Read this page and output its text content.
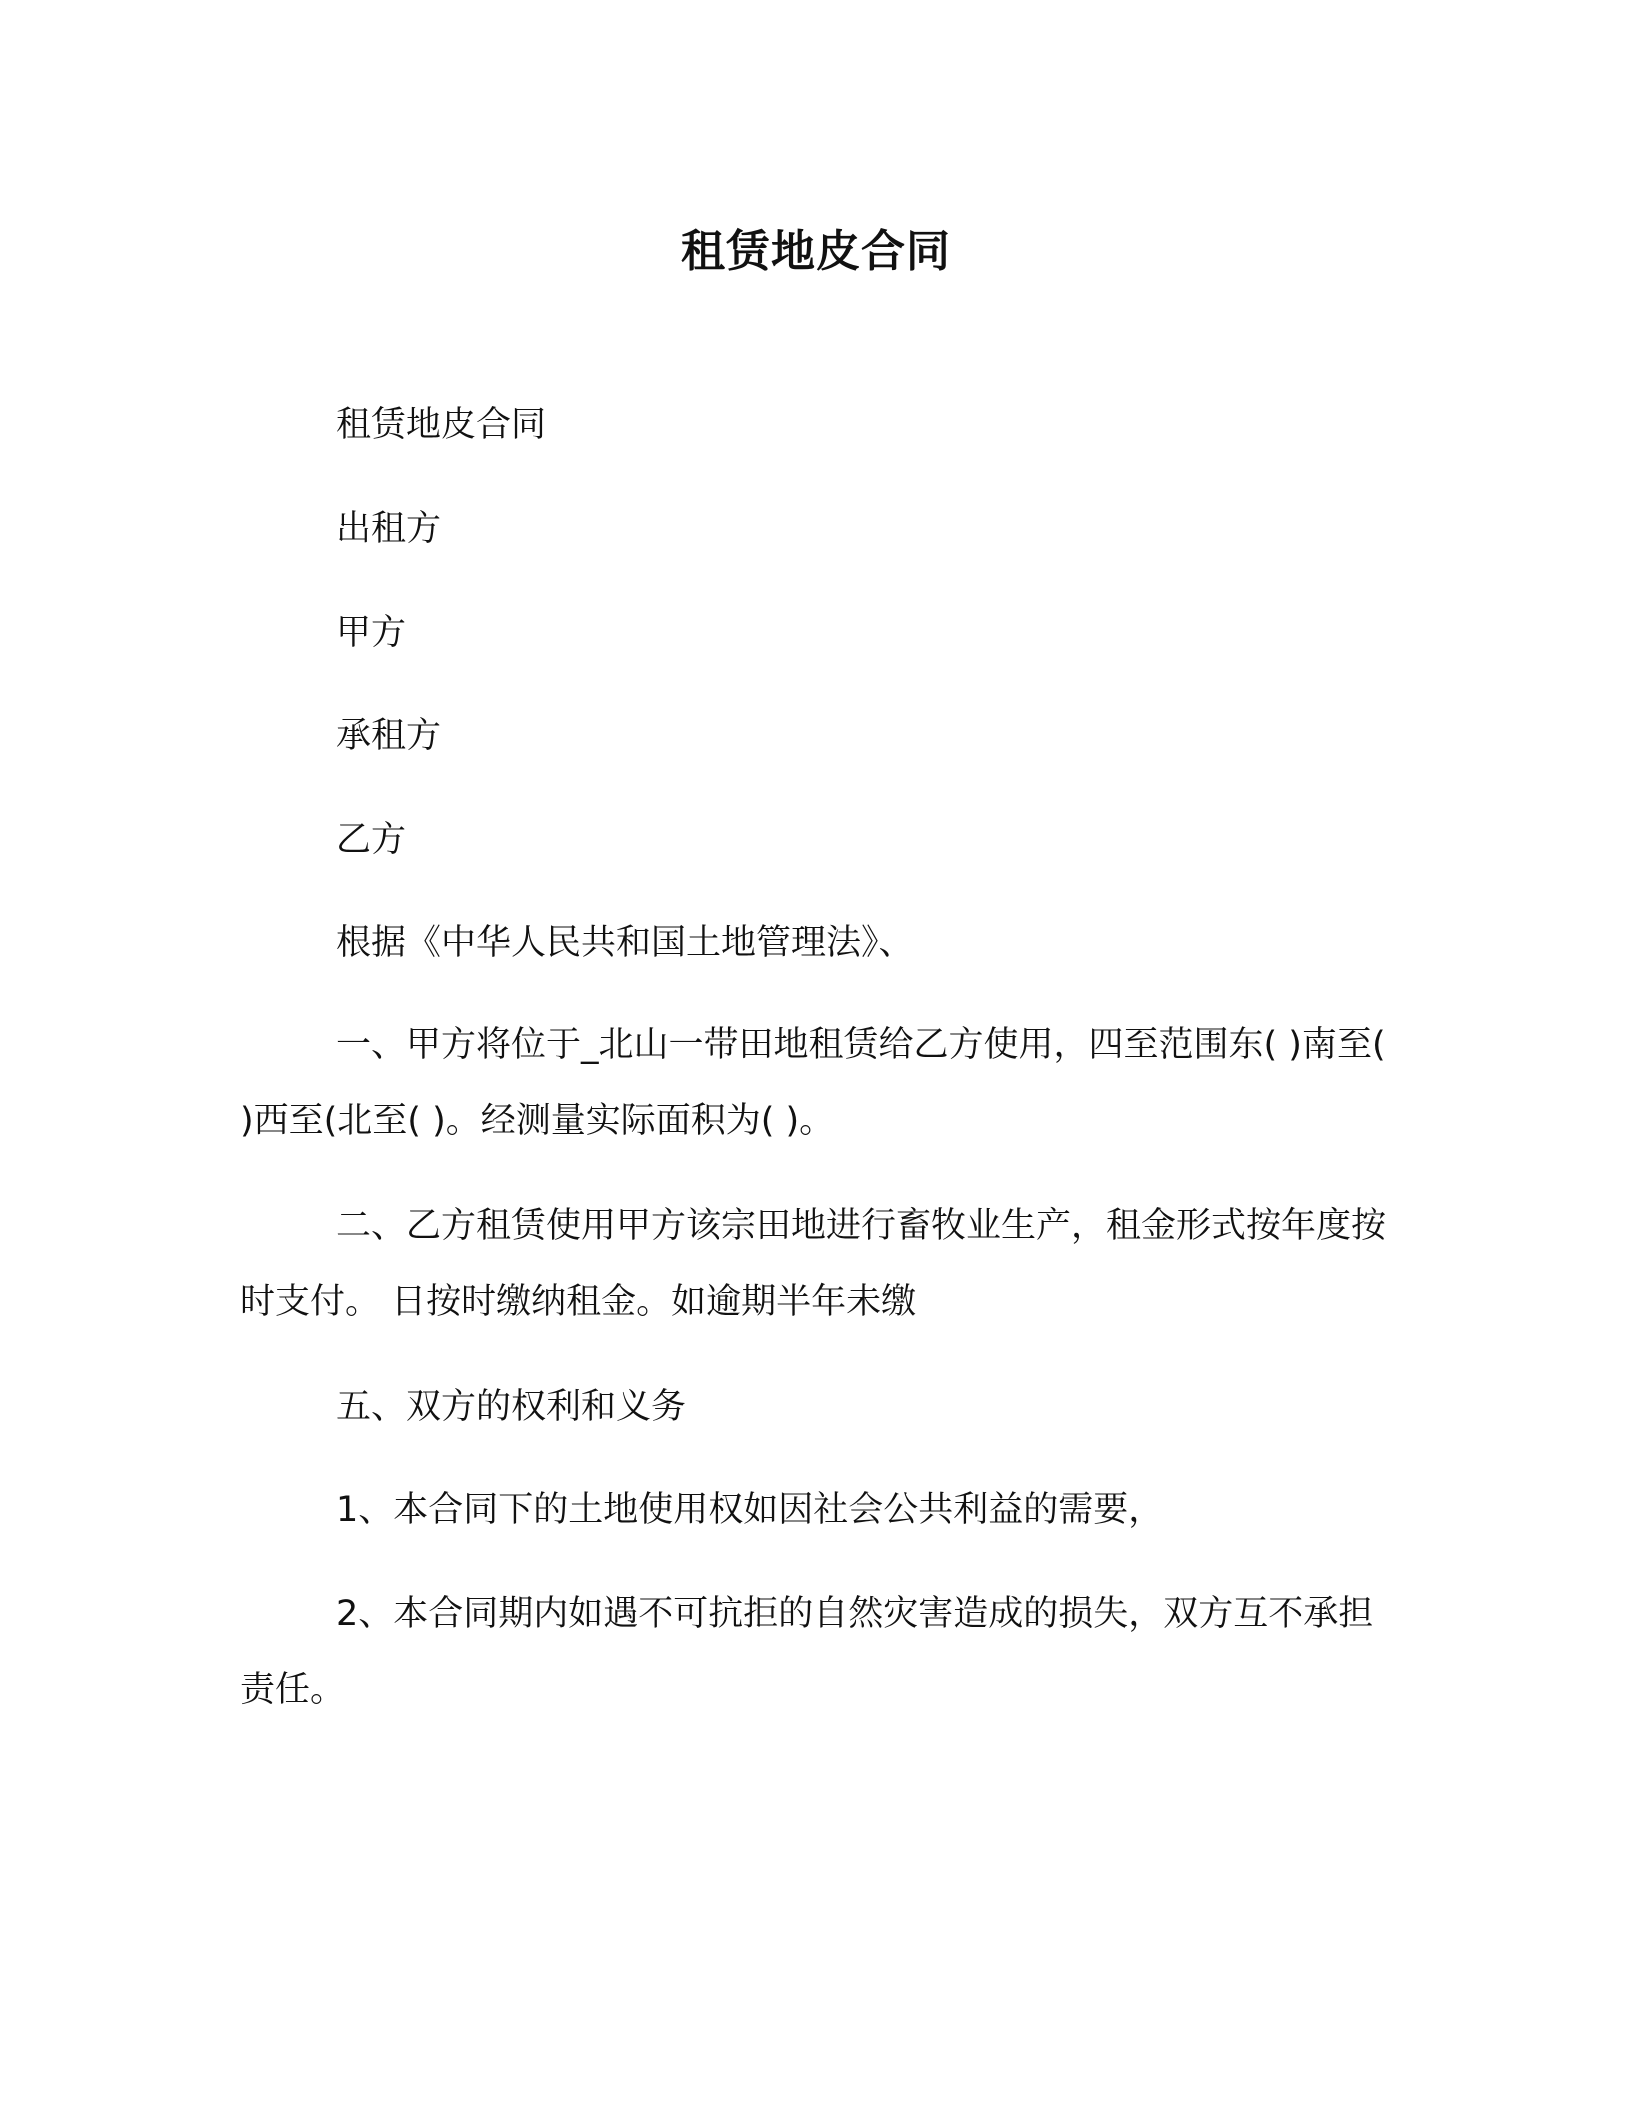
租赁地皮合同
租赁地皮合同
出租方
甲方
承租方
乙方
根据《中华人民共和国土地管理法》、
一、甲方将位于_北山一带田地租赁给乙方使用，四至范围东( )南至( )西至(北至( )。经测量实际面积为( )。
二、乙方租赁使用甲方该宗田地进行畜牧业生产，租金形式按年度按时支付。 日按时缴纳租金。如逾期半年未缴
五、双方的权利和义务
1、本合同下的土地使用权如因社会公共利益的需要，
2、本合同期内如遇不可抗拒的自然灾害造成的损失，双方互不承担责任。
